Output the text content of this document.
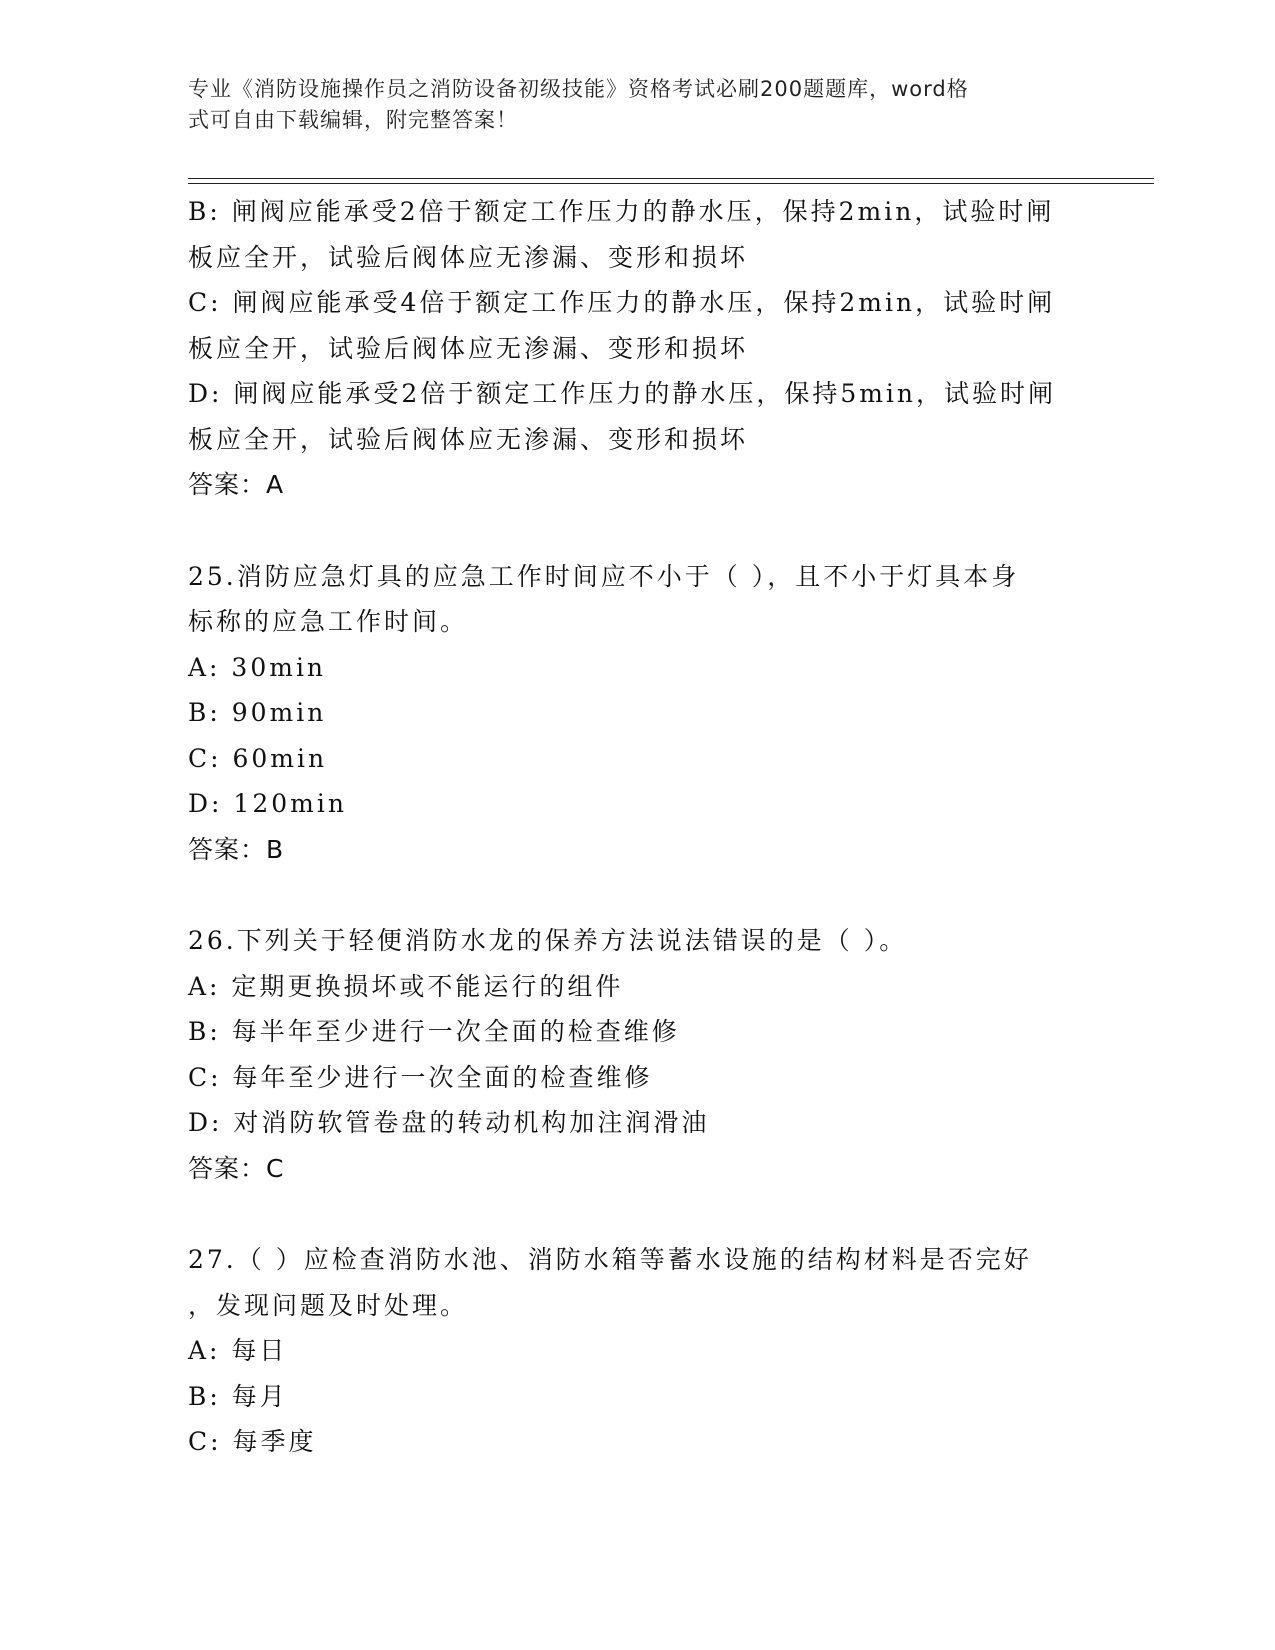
专业《消防设施操作员之消防设备初级技能》资格考试必刷200题题库，word格
式可自由下载编辑，附完整答案！
B: 闸阀应能承受2倍于额定工作压力的静水压，保持2min，试验时闸
板应全开，试验后阀体应无渗漏、变形和损坏
C: 闸阀应能承受4倍于额定工作压力的静水压，保持2min，试验时闸
板应全开，试验后阀体应无渗漏、变形和损坏
D: 闸阀应能承受2倍于额定工作压力的静水压，保持5min，试验时闸
板应全开，试验后阀体应无渗漏、变形和损坏
答案：A
25.消防应急灯具的应急工作时间应不小于（ ），且不小于灯具本身
标称的应急工作时间。
A: 30min
B: 90min
C: 60min
D: 120min
答案：B
26.下列关于轻便消防水龙的保养方法说法错误的是（ ）。
A: 定期更换损坏或不能运行的组件
B: 每半年至少进行一次全面的检查维修
C: 每年至少进行一次全面的检查维修
D: 对消防软管卷盘的转动机构加注润滑油
答案：C
27.（ ）应检查消防水池、消防水箱等蓄水设施的结构材料是否完好
，发现问题及时处理。
A: 每日
B: 每月
C: 每季度
